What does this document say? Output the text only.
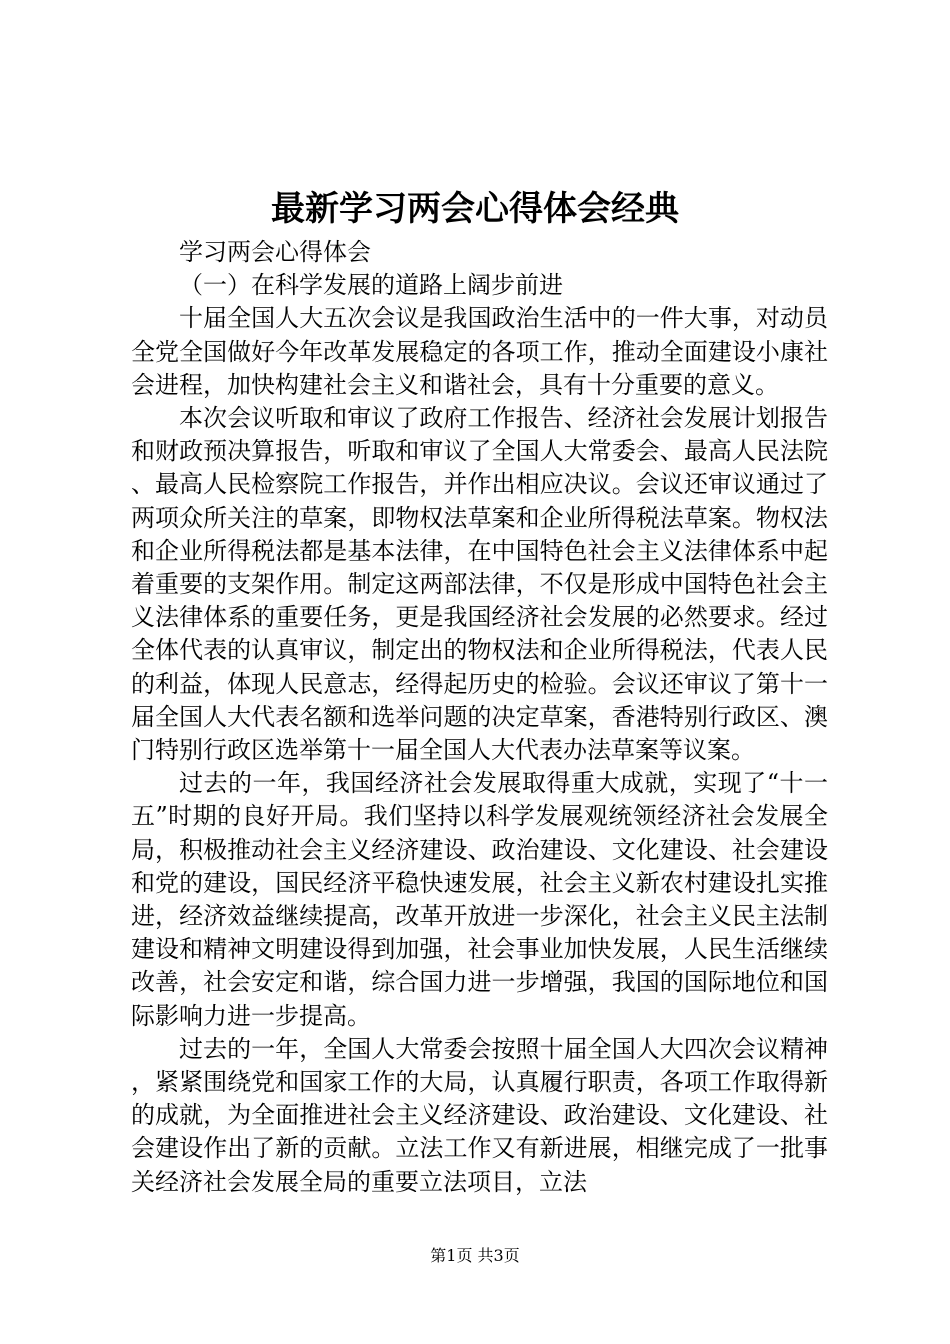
最新学习两会心得体会经典

学习两会心得体会

（一）在科学发展的道路上阔步前进

十届全国人大五次会议是我国政治生活中的一件大事，对动员全党全国做好今年改革发展稳定的各项工作，推动全面建设小康社会进程，加快构建社会主义和谐社会，具有十分重要的意义。

本次会议听取和审议了政府工作报告、经济社会发展计划报告和财政预决算报告，听取和审议了全国人大常委会、最高人民法院、最高人民检察院工作报告，并作出相应决议。会议还审议通过了两项众所关注的草案，即物权法草案和企业所得税法草案。物权法和企业所得税法都是基本法律，在中国特色社会主义法律体系中起着重要的支架作用。制定这两部法律，不仅是形成中国特色社会主义法律体系的重要任务，更是我国经济社会发展的必然要求。经过全体代表的认真审议，制定出的物权法和企业所得税法，代表人民的利益，体现人民意志，经得起历史的检验。会议还审议了第十一届全国人大代表名额和选举问题的决定草案，香港特别行政区、澳门特别行政区选举第十一届全国人大代表办法草案等议案。

过去的一年，我国经济社会发展取得重大成就，实现了“十一五”时期的良好开局。我们坚持以科学发展观统领经济社会发展全局，积极推动社会主义经济建设、政治建设、文化建设、社会建设和党的建设，国民经济平稳快速发展，社会主义新农村建设扎实推进，经济效益继续提高，改革开放进一步深化，社会主义民主法制建设和精神文明建设得到加强，社会事业加快发展，人民生活继续改善，社会安定和谐，综合国力进一步增强，我国的国际地位和国际影响力进一步提高。

过去的一年，全国人大常委会按照十届全国人大四次会议精神，紧紧围绕党和国家工作的大局，认真履行职责，各项工作取得新的成就，为全面推进社会主义经济建设、政治建设、文化建设、社会建设作出了新的贡献。立法工作又有新进展，相继完成了一批事关经济社会发展全局的重要立法项目，立法

第1页 共3页
